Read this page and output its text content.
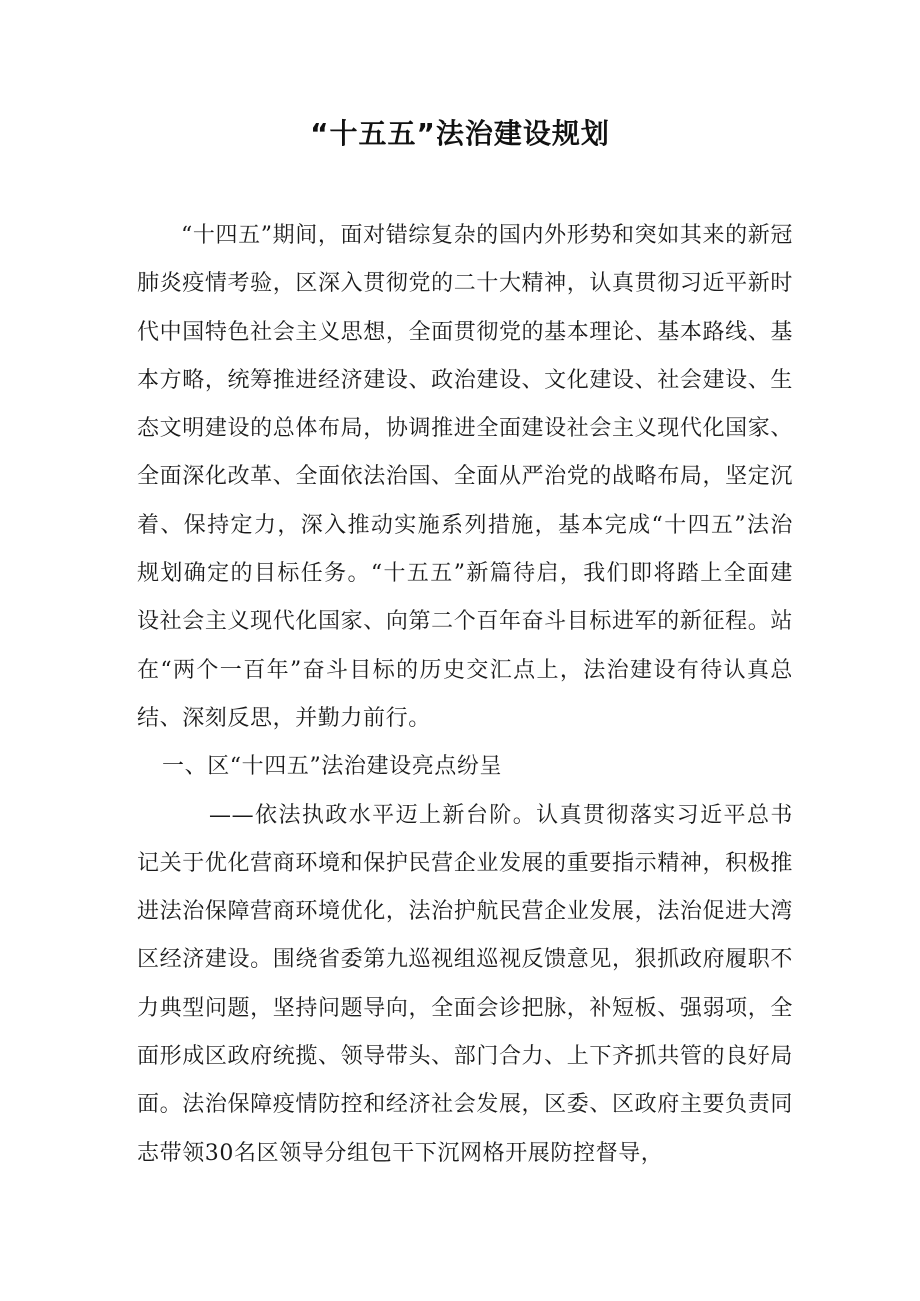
“十五五”法治建设规划

“十四五”期间，面对错综复杂的国内外形势和突如其来的新冠肺炎疫情考验，区深入贯彻党的二十大精神，认真贯彻习近平新时代中国特色社会主义思想，全面贯彻党的基本理论、基本路线、基本方略，统筹推进经济建设、政治建设、文化建设、社会建设、生态文明建设的总体布局，协调推进全面建设社会主义现代化国家、全面深化改革、全面依法治国、全面从严治党的战略布局，坚定沉着、保持定力，深入推动实施系列措施，基本完成“十四五”法治规划确定的目标任务。“十五五”新篇待启，我们即将踏上全面建设社会主义现代化国家、向第二个百年奋斗目标进军的新征程。站在“两个一百年”奋斗目标的历史交汇点上，法治建设有待认真总结、深刻反思，并勤力前行。

一、区“十四五”法治建设亮点纷呈

——依法执政水平迈上新台阶。认真贯彻落实习近平总书记关于优化营商环境和保护民营企业发展的重要指示精神，积极推进法治保障营商环境优化，法治护航民营企业发展，法治促进大湾区经济建设。围绕省委第九巡视组巡视反馈意见，狠抓政府履职不力典型问题，坚持问题导向，全面会诊把脉，补短板、强弱项，全面形成区政府统揽、领导带头、部门合力、上下齐抓共管的良好局面。法治保障疫情防控和经济社会发展，区委、区政府主要负责同志带领30名区领导分组包干下沉网格开展防控督导，
